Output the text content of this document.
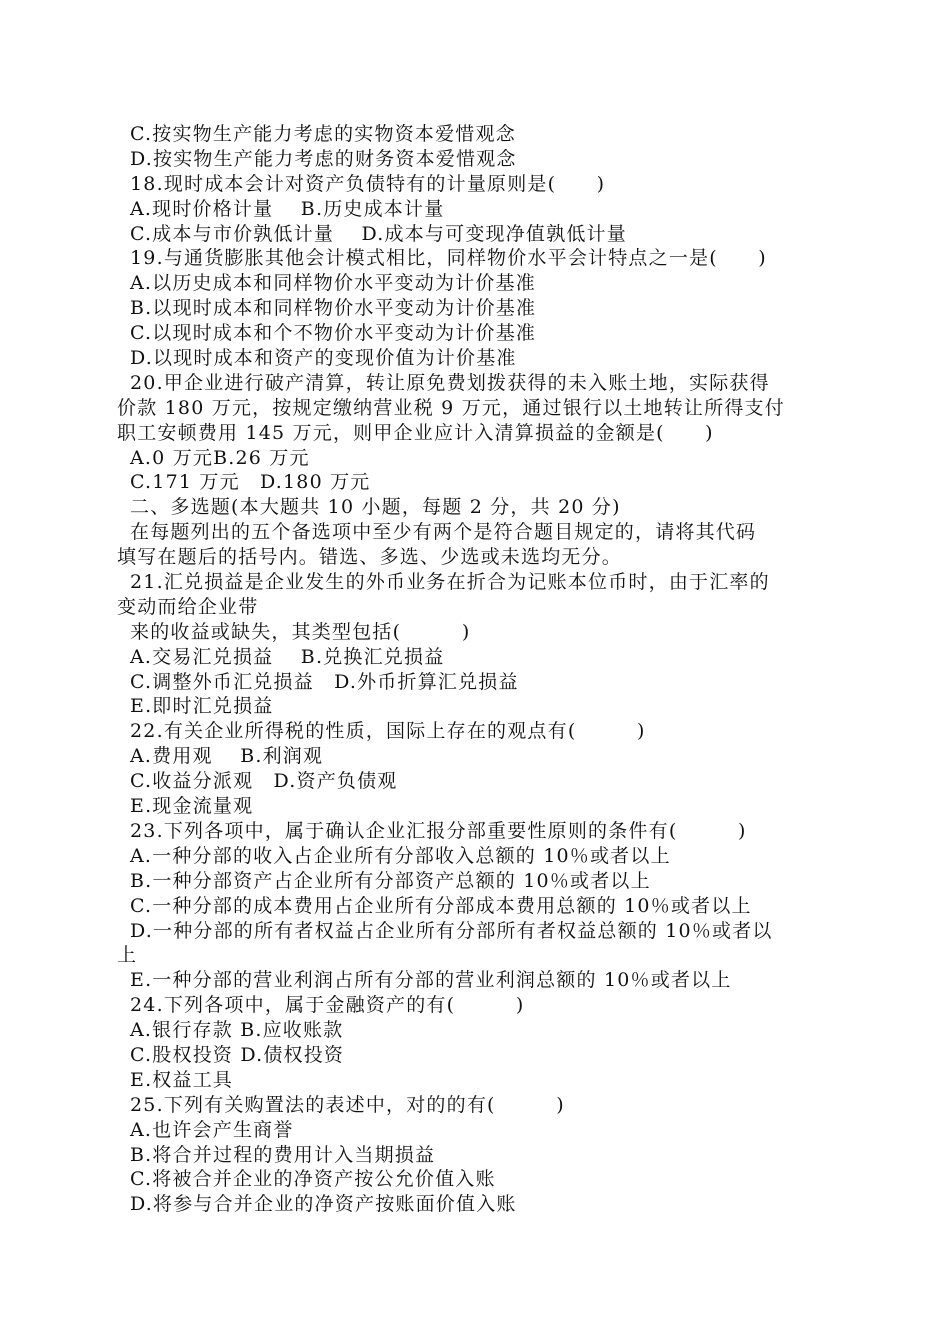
C.按实物生产能力考虑的实物资本爱惜观念
D.按实物生产能力考虑的财务资本爱惜观念
18.现时成本会计对资产负债特有的计量原则是(　　)
A.现时价格计量　 B.历史成本计量
C.成本与市价孰低计量　 D.成本与可变现净值孰低计量
19.与通货膨胀其他会计模式相比，同样物价水平会计特点之一是(　　)
A.以历史成本和同样物价水平变动为计价基准
B.以现时成本和同样物价水平变动为计价基准
C.以现时成本和个不物价水平变动为计价基准
D.以现时成本和资产的变现价值为计价基准
20.甲企业进行破产清算，转让原免费划拨获得的未入账土地，实际获得
价款 180 万元，按规定缴纳营业税 9 万元，通过银行以土地转让所得支付
职工安顿费用 145 万元，则甲企业应计入清算损益的金额是(　　)
A.0 万元B.26 万元
C.171 万元　D.180 万元
二、多选题(本大题共 10 小题，每题 2 分，共 20 分)
在每题列出的五个备选项中至少有两个是符合题目规定的，请将其代码
填写在题后的括号内。错选、多选、少选或未选均无分。
21.汇兑损益是企业发生的外币业务在折合为记账本位币时，由于汇率的
变动而给企业带
来的收益或缺失，其类型包括(　　　)
A.交易汇兑损益　 B.兑换汇兑损益
C.调整外币汇兑损益　D.外币折算汇兑损益
E.即时汇兑损益
22.有关企业所得税的性质，国际上存在的观点有(　　　)
A.费用观　 B.利润观
C.收益分派观　D.资产负债观
E.现金流量观
23.下列各项中，属于确认企业汇报分部重要性原则的条件有(　　　)
A.一种分部的收入占企业所有分部收入总额的 10％或者以上
B.一种分部资产占企业所有分部资产总额的 10％或者以上
C.一种分部的成本费用占企业所有分部成本费用总额的 10％或者以上
D.一种分部的所有者权益占企业所有分部所有者权益总额的 10％或者以
上
E.一种分部的营业利润占所有分部的营业利润总额的 10％或者以上
24.下列各项中，属于金融资产的有(　　　)
A.银行存款 B.应收账款
C.股权投资 D.债权投资
E.权益工具
25.下列有关购置法的表述中，对的的有(　　　)
A.也许会产生商誉
B.将合并过程的费用计入当期损益
C.将被合并企业的净资产按公允价值入账
D.将参与合并企业的净资产按账面价值入账
